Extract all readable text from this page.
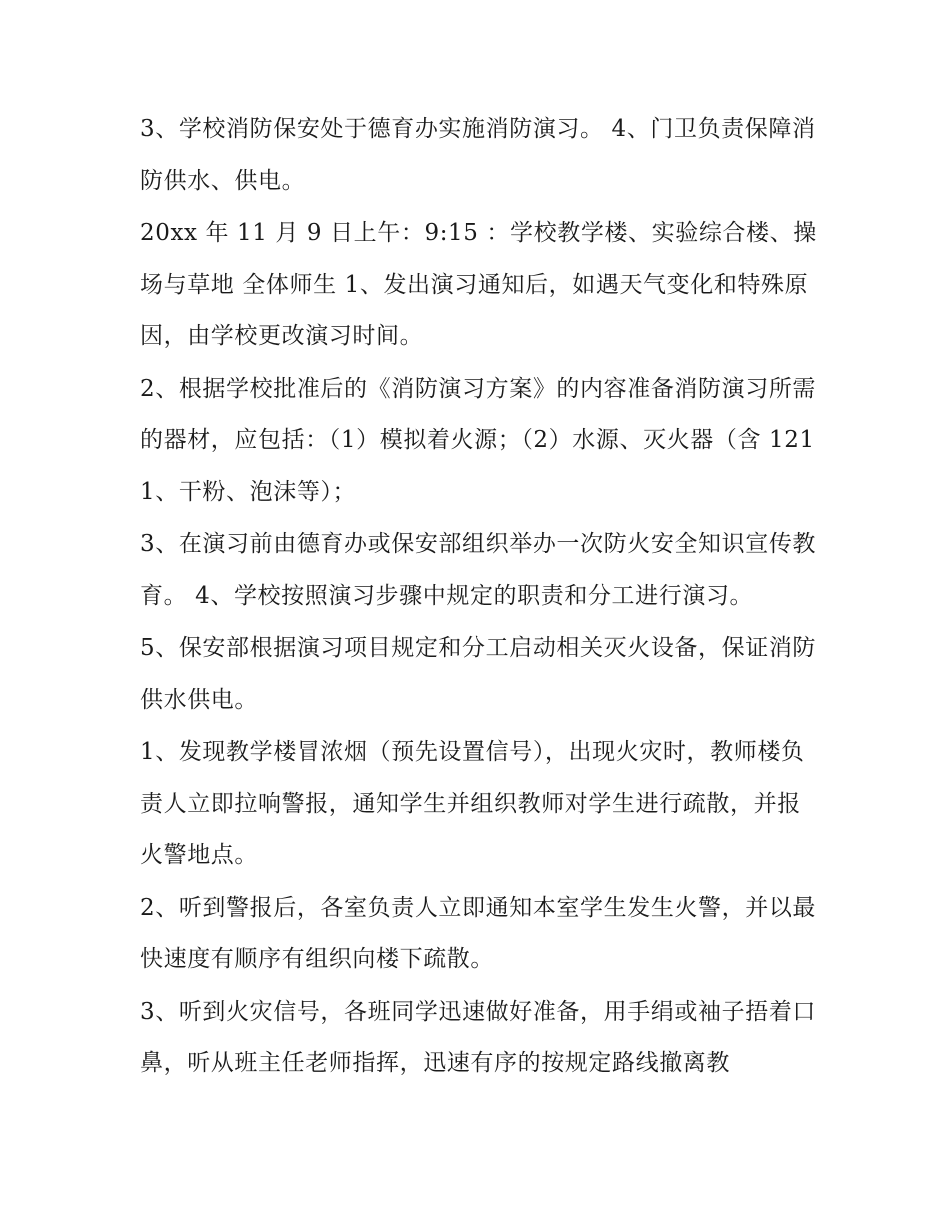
3、学校消防保安处于德育办实施消防演习。 4、门卫负责保障消防供水、供电。

20xx 年 11 月 9 日上午：9:15 ：学校教学楼、实验综合楼、操场与草地 全体师生 1、发出演习通知后，如遇天气变化和特殊原因，由学校更改演习时间。

2、根据学校批准后的《消防演习方案》的内容准备消防演习所需的器材，应包括：（1）模拟着火源；（2）水源、灭火器（含 1211、干粉、泡沫等）；

3、在演习前由德育办或保安部组织举办一次防火安全知识宣传教育。 4、学校按照演习步骤中规定的职责和分工进行演习。

5、保安部根据演习项目规定和分工启动相关灭火设备，保证消防供水供电。

1、发现教学楼冒浓烟（预先设置信号），出现火灾时，教师楼负责人立即拉响警报，通知学生并组织教师对学生进行疏散，并报火警地点。

2、听到警报后，各室负责人立即通知本室学生发生火警，并以最快速度有顺序有组织向楼下疏散。

3、听到火灾信号，各班同学迅速做好准备，用手绢或袖子捂着口鼻，听从班主任老师指挥，迅速有序的按规定路线撤离教
